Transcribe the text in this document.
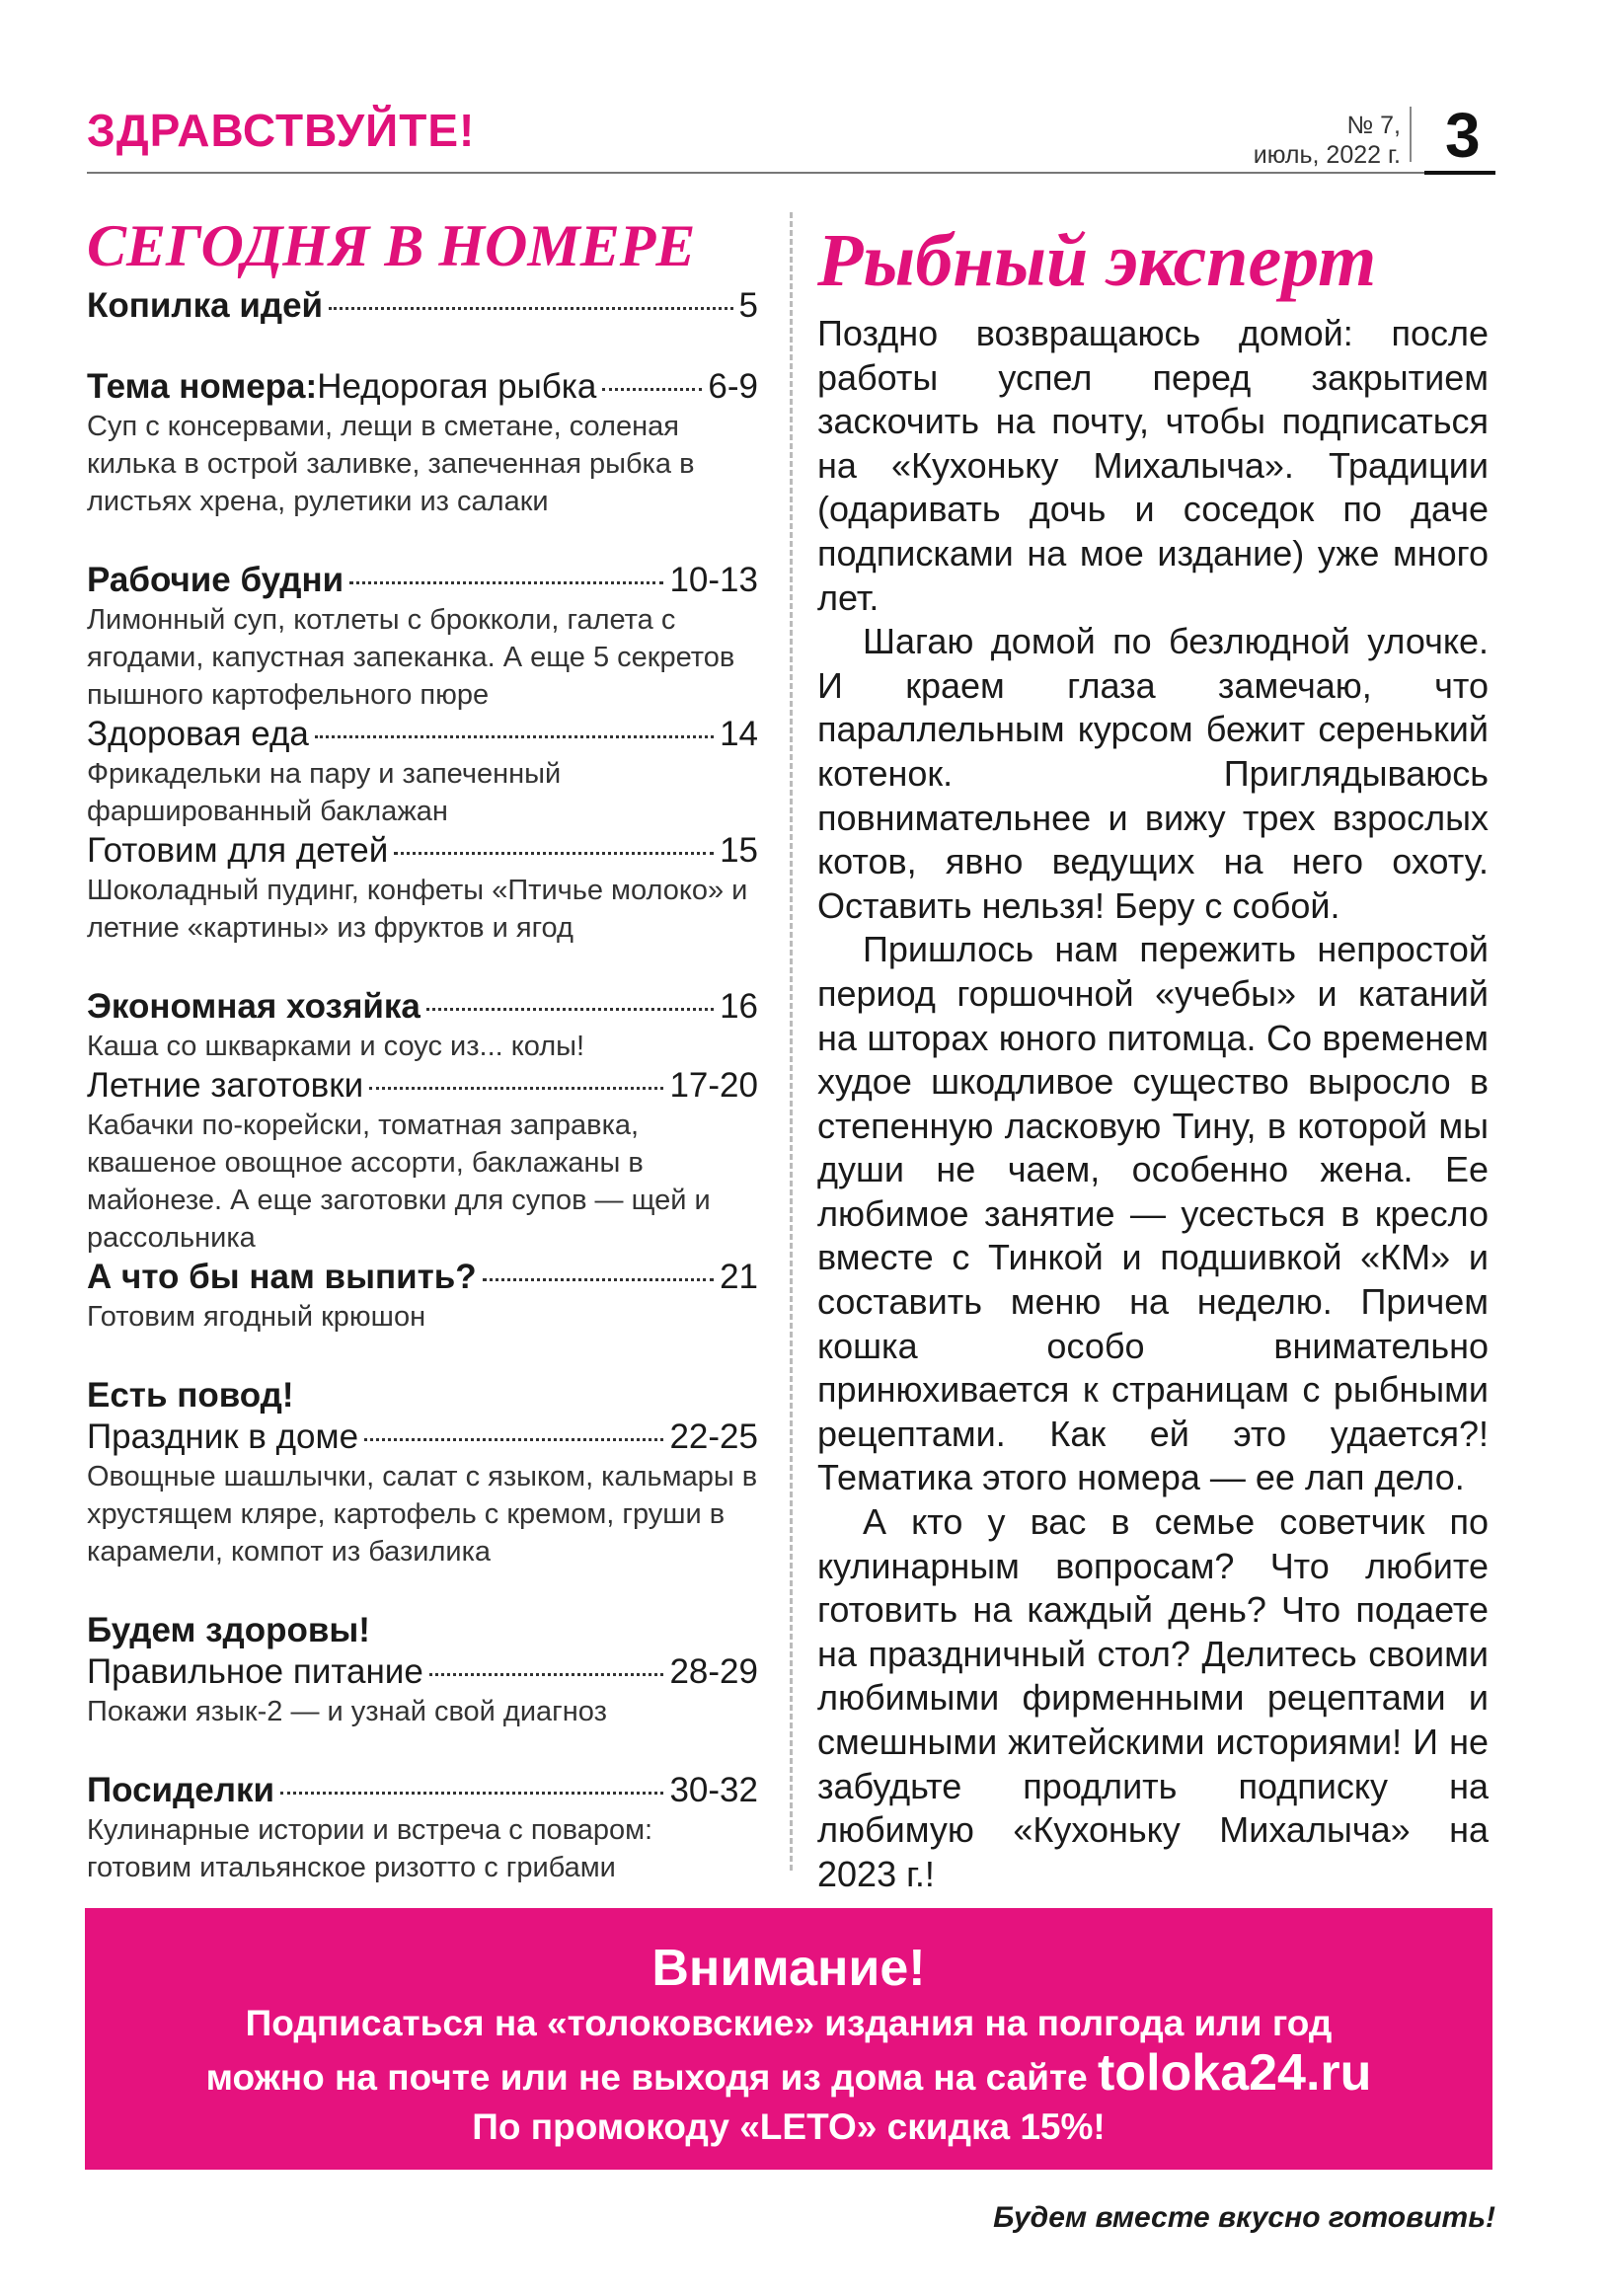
ЗДРАВСТВУЙТЕ!	№ 7,
июль, 2022 г. 3
СЕГОДНЯ В НОМЕРЕ
Копилка идей	5
Тема номера: Недорогая рыбка	6-9

Суп с консервами, лещи в сметане, соленая килька в острой заливке, запеченная рыбка в листьях хрена, рулетики из салаки

Рабочие будни	10-13

Лимонный суп, котлеты с брокколи, галета с ягодами, капустная запеканка. А еще 5 секретов пышного картофельного пюре

Здоровая еда	14

Фрикадельки на пару и запеченный фаршированный баклажан

Готовим для детей	15

Шоколадный пудинг, конфеты «Птичье молоко» и летние «картины» из фруктов и ягод

Экономная хозяйка	16

Каша со шкварками и соус из... колы!

Летние заготовки	17-20

Кабачки по-корейски, томатная заправка, квашеное овощное ассорти, баклажаны в майонезе. А еще заготовки для супов — щей и рассольника

А что бы нам выпить?	21

Готовим ягодный крюшон

Есть повод!
Праздник в доме	22-25

Овощные шашлычки, салат с языком, кальмары в хрустящем кляре, картофель с кремом, груши в карамели, компот из базилика

Будем здоровы!
Правильное питание	28-29

Покажи язык-2 — и узнай свой диагноз

Посиделки	30-32

Кулинарные истории и встреча с поваром: готовим итальянское ризотто с грибами

Рыбный эксперт

Поздно возвращаюсь домой: после работы успел перед закрытием заскочить на почту, чтобы подписаться на «Кухоньку Михалыча». Традиции (одаривать дочь и соседок по даче подписками на мое издание) уже много лет.

Шагаю домой по безлюдной улочке. И краем глаза замечаю, что параллельным курсом бежит серенький котенок. Приглядываюсь повнимательнее и вижу трех взрослых котов, явно ведущих на него охоту. Оставить нельзя! Беру с собой.

Пришлось нам пережить непростой период горшочной «учебы» и катаний на шторах юного питомца. Со временем худое шкодливое существо выросло в степенную ласковую Тину, в которой мы души не чаем, особенно жена. Ее любимое занятие — усесться в кресло вместе с Тинкой и подшивкой «КМ» и составить меню на неделю. Причем кошка особо внимательно принюхивается к страницам с рыбными рецептами. Как ей это удается?! Тематика этого номера — ее лап дело.

А кто у вас в семье советчик по кулинарным вопросам? Что любите готовить на каждый день? Что подаете на праздничный стол? Делитесь своими любимыми фирменными рецептами и смешными житейскими историями! И не забудьте продлить подписку на любимую «Кухоньку Михалыча» на 2023 г.!

Внимание!
Подписаться на «толоковские» издания на полгода или год
можно на почте или не выходя из дома на сайте toloka24.ru
По промокоду «LETO» скидка 15%!
Будем вместе вкусно готовить!
